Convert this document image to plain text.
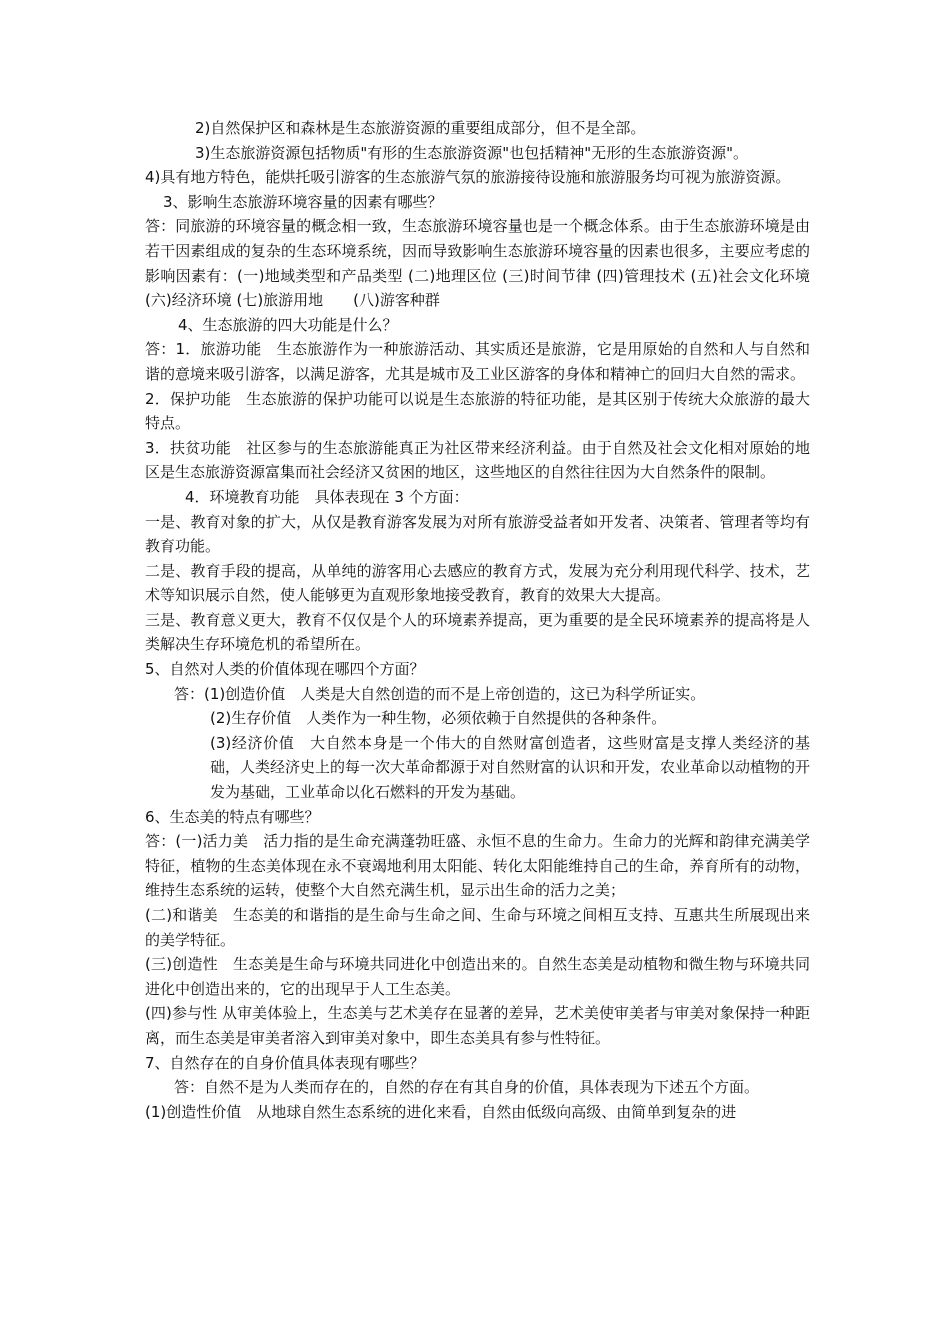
2)自然保护区和森林是生态旅游资源的重要组成部分，但不是全部。

3)生态旅游资源包括物质"有形的生态旅游资源"也包括精神"无形的生态旅游资源"。

4)具有地方特色，能烘托吸引游客的生态旅游气氛的旅游接待设施和旅游服务均可视为旅游资源。

3、影响生态旅游环境容量的因素有哪些？

答：同旅游的环境容量的概念相一致，生态旅游环境容量也是一个概念体系。由于生态旅游环境是由若干因素组成的复杂的生态环境系统，因而导致影响生态旅游环境容量的因素也很多，主要应考虑的影响因素有：(一)地域类型和产品类型 (二)地理区位 (三)时间节律 (四)管理技术 (五)社会文化环境 (六)经济环境 (七)旅游用地　　(八)游客种群

4、生态旅游的四大功能是什么？

答：1．旅游功能　生态旅游作为一种旅游活动、其实质还是旅游，它是用原始的自然和人与自然和谐的意境来吸引游客，以满足游客，尤其是城市及工业区游客的身体和精神亡的回归大自然的需求。

2．保护功能　生态旅游的保护功能可以说是生态旅游的特征功能，是其区别于传统大众旅游的最大特点。

3．扶贫功能　社区参与的生态旅游能真正为社区带来经济利益。由于自然及社会文化相对原始的地区是生态旅游资源富集而社会经济又贫困的地区，这些地区的自然往往因为大自然条件的限制。

4．环境教育功能　具体表现在 3 个方面：

一是、教育对象的扩大，从仅是教育游客发展为对所有旅游受益者如开发者、决策者、管理者等均有教育功能。

二是、教育手段的提高，从单纯的游客用心去感应的教育方式，发展为充分利用现代科学、技术，艺术等知识展示自然，使人能够更为直观形象地接受教育，教育的效果大大提高。

三是、教育意义更大，教育不仅仅是个人的环境素养提高，更为重要的是全民环境素养的提高将是人类解决生存环境危机的希望所在。

5、自然对人类的价值体现在哪四个方面？

答：(1)创造价值　人类是大自然创造的而不是上帝创造的，这已为科学所证实。

(2)生存价值　人类作为一种生物，必须依赖于自然提供的各种条件。

(3)经济价值　大自然本身是一个伟大的自然财富创造者，这些财富是支撑人类经济的基础，人类经济史上的每一次大革命都源于对自然财富的认识和开发，农业革命以动植物的开发为基础，工业革命以化石燃料的开发为基础。

6、生态美的特点有哪些？

答：(一)活力美　活力指的是生命充满蓬勃旺盛、永恒不息的生命力。生命力的光辉和韵律充满美学特征，植物的生态美体现在永不衰竭地利用太阳能、转化太阳能维持自己的生命，养育所有的动物，维持生态系统的运转，使整个大自然充满生机，显示出生命的活力之美；

(二)和谐美　生态美的和谐指的是生命与生命之间、生命与环境之间相互支持、互惠共生所展现出来的美学特征。

(三)创造性　生态美是生命与环境共同进化中创造出来的。自然生态美是动植物和微生物与环境共同进化中创造出来的，它的出现早于人工生态美。

(四)参与性 从审美体验上，生态美与艺术美存在显著的差异，艺术美使审美者与审美对象保持一种距离，而生态美是审美者溶入到审美对象中，即生态美具有参与性特征。

7、自然存在的自身价值具体表现有哪些？

答：自然不是为人类而存在的，自然的存在有其自身的价值，具体表现为下述五个方面。

(1)创造性价值　从地球自然生态系统的进化来看，自然由低级向高级、由简单到复杂的进
